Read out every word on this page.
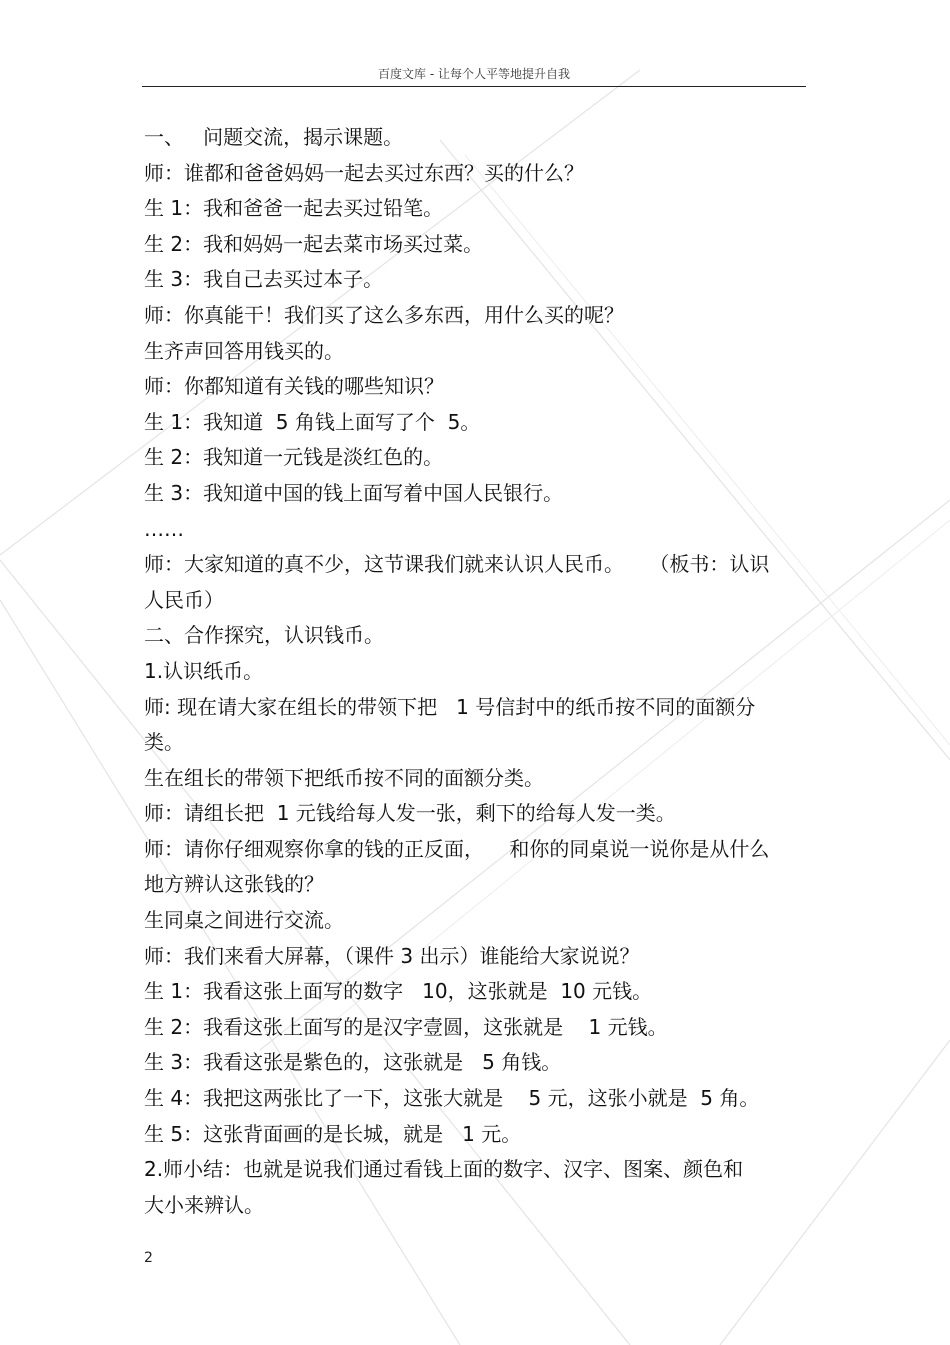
百度文库 - 让每个人平等地提升自我
一、   问题交流，揭示课题。
师：谁都和爸爸妈妈一起去买过东西？买的什么？
生 1：我和爸爸一起去买过铅笔。
生 2：我和妈妈一起去菜市场买过菜。
生 3：我自己去买过本子。
师：你真能干！我们买了这么多东西，用什么买的呢？
生齐声回答用钱买的。
师：你都知道有关钱的哪些知识？
生 1：我知道  5 角钱上面写了个  5。
生 2：我知道一元钱是淡红色的。
生 3：我知道中国的钱上面写着中国人民银行。
……
师：大家知道的真不少，这节课我们就来认识人民币。    （板书：认识
人民币）
二、合作探究，认识钱币。
1.认识纸币。
师: 现在请大家在组长的带领下把   1 号信封中的纸币按不同的面额分
类。
生在组长的带领下把纸币按不同的面额分类。
师：请组长把  1 元钱给每人发一张，剩下的给每人发一类。
师：请你仔细观察你拿的钱的正反面，    和你的同桌说一说你是从什么
地方辨认这张钱的？
生同桌之间进行交流。
师：我们来看大屏幕，（课件 3 出示）谁能给大家说说？
生 1：我看这张上面写的数字   10，这张就是  10 元钱。
生 2：我看这张上面写的是汉字壹圆，这张就是    1 元钱。
生 3：我看这张是紫色的，这张就是   5 角钱。
生 4：我把这两张比了一下，这张大就是    5 元，这张小就是  5 角。
生 5：这张背面画的是长城，就是   1 元。
2.师小结：也就是说我们通过看钱上面的数字、汉字、图案、颜色和
大小来辨认。
2
